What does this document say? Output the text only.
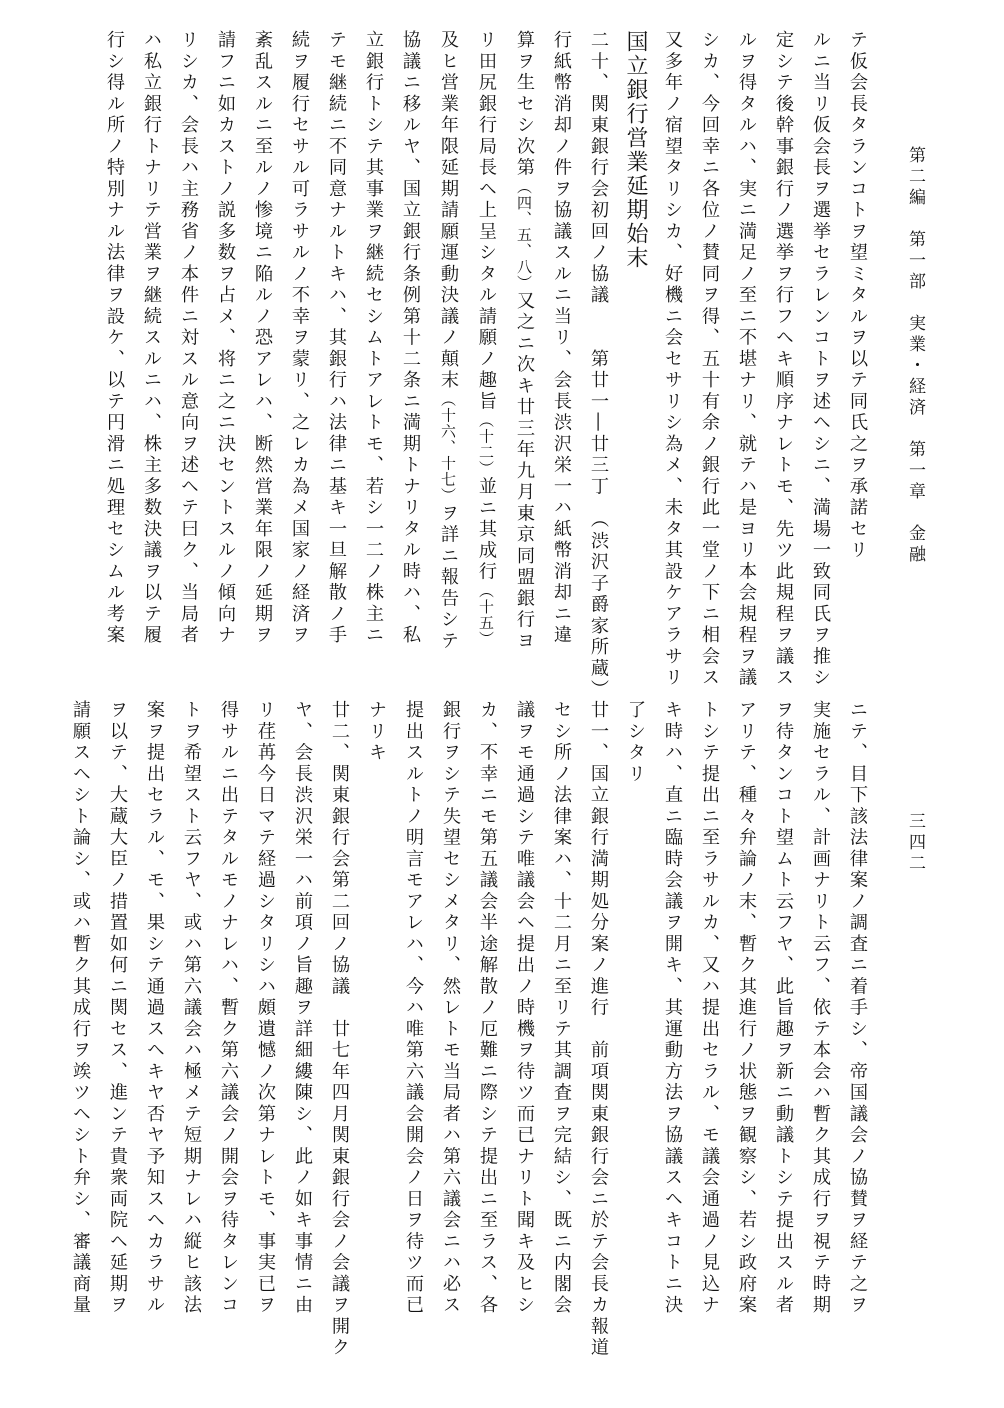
第二編　第一部　実業・経済　第一章　金融
三四二
テ仮会長タランコトヲ望ミタルヲ以テ同氏之ヲ承諾セリ
ルニ当リ仮会長ヲ選挙セラレンコトヲ述ヘシニ、満場一致同氏ヲ推シ
定シテ後幹事銀行ノ選挙ヲ行フヘキ順序ナレトモ、先ツ此規程ヲ議ス
ルヲ得タルハ、実ニ満足ノ至ニ不堪ナリ、就テハ是ヨリ本会規程ヲ議
シカ、今回幸ニ各位ノ賛同ヲ得、五十有余ノ銀行此一堂ノ下ニ相会ス
又多年ノ宿望タリシカ、好機ニ会セサリシ為メ、未タ其設ケアラサリ
国立銀行営業延期始末
二十、関東銀行会初回ノ協議　　第廿一―廿三丁　（渋沢子爵家所蔵）
行紙幣消却ノ件ヲ協議スルニ当リ、会長渋沢栄一ハ紙幣消却ニ違
算ヲ生セシ次第（四、五、八）又之ニ次キ廿三年九月東京同盟銀行ヨ
リ田尻銀行局長ヘ上呈シタル請願ノ趣旨（十二）並ニ其成行（十五）
及ヒ営業年限延期請願運動決議ノ顛末（十六、十七）ヲ詳ニ報告シテ
協議ニ移ルヤ、国立銀行条例第十二条ニ満期トナリタル時ハ、私
立銀行トシテ其事業ヲ継続セシムトアレトモ、若シ一二ノ株主ニ
テモ継続ニ不同意ナルトキハ、其銀行ハ法律ニ基キ一旦解散ノ手
続ヲ履行セサル可ラサルノ不幸ヲ蒙リ、之レカ為メ国家ノ経済ヲ
紊乱スルニ至ルノ惨境ニ陥ルノ恐アレハ、断然営業年限ノ延期ヲ
請フニ如カストノ説多数ヲ占メ、将ニ之ニ決セントスルノ傾向ナ
リシカ、会長ハ主務省ノ本件ニ対スル意向ヲ述ヘテ曰ク、当局者
ハ私立銀行トナリテ営業ヲ継続スルニハ、株主多数決議ヲ以テ履
行シ得ル所ノ特別ナル法律ヲ設ケ、以テ円滑ニ処理セシムル考案
ニテ、目下該法律案ノ調査ニ着手シ、帝国議会ノ協賛ヲ経テ之ヲ
実施セラル、計画ナリト云フ、依テ本会ハ暫ク其成行ヲ視テ時期
ヲ待タンコト望ムト云フヤ、此旨趣ヲ新ニ動議トシテ提出スル者
アリテ、種々弁論ノ末、暫ク其進行ノ状態ヲ観察シ、若シ政府案
トシテ提出ニ至ラサルカ、又ハ提出セラル、モ議会通過ノ見込ナ
キ時ハ、直ニ臨時会議ヲ開キ、其運動方法ヲ協議スヘキコトニ決
了シタリ
廿一、国立銀行満期処分案ノ進行　前項関東銀行会ニ於テ会長カ報道
セシ所ノ法律案ハ、十二月ニ至リテ其調査ヲ完結シ、既ニ内閣会
議ヲモ通過シテ唯議会ヘ提出ノ時機ヲ待ツ而已ナリト聞キ及ヒシ
カ、不幸ニモ第五議会半途解散ノ厄難ニ際シテ提出ニ至ラス、各
銀行ヲシテ失望セシメタリ、然レトモ当局者ハ第六議会ニハ必ス
提出スルトノ明言モアレハ、今ハ唯第六議会開会ノ日ヲ待ツ而已
ナリキ
廿二、関東銀行会第二回ノ協議　廿七年四月関東銀行会ノ会議ヲ開ク
ヤ、会長渋沢栄一ハ前項ノ旨趣ヲ詳細縷陳シ、此ノ如キ事情ニ由
リ荏苒今日マテ経過シタリシハ頗遺憾ノ次第ナレトモ、事実已ヲ
得サルニ出テタルモノナレハ、暫ク第六議会ノ開会ヲ待タレンコ
トヲ希望スト云フヤ、或ハ第六議会ハ極メテ短期ナレハ縦ヒ該法
案ヲ提出セラル、モ、果シテ通過スヘキヤ否ヤ予知スヘカラサル
ヲ以テ、大蔵大臣ノ措置如何ニ関セス、進ンテ貴衆両院ヘ延期ヲ
請願スヘシト論シ、或ハ暫ク其成行ヲ竢ツヘシト弁シ、審議商量
